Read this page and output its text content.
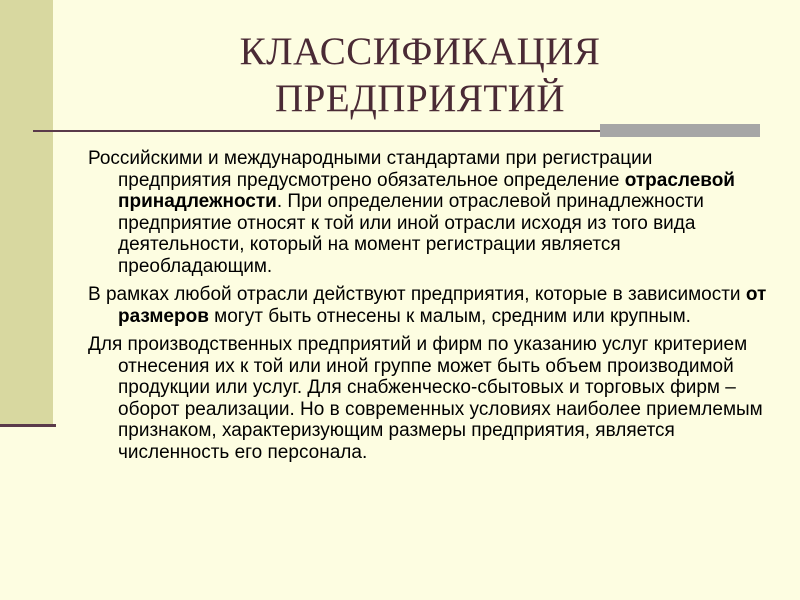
КЛАССИФИКАЦИЯ
ПРЕДПРИЯТИЙ

Российскими и международными стандартами при регистрации предприятия предусмотрено обязательное определение отраслевой принадлежности. При определении отраслевой принадлежности предприятие относят к той или иной отрасли исходя из того вида деятельности, который на момент регистрации является преобладающим.

В рамках любой отрасли действуют предприятия, которые в зависимости от размеров могут быть отнесены к малым, средним или крупным.

Для производственных предприятий и фирм по указанию услуг критерием отнесения их к той или иной группе может быть объем производимой продукции или услуг. Для снабженческо-сбытовых и торговых фирм – оборот реализации. Но в современных условиях наиболее приемлемым признаком, характеризующим размеры предприятия, является численность его персонала.
